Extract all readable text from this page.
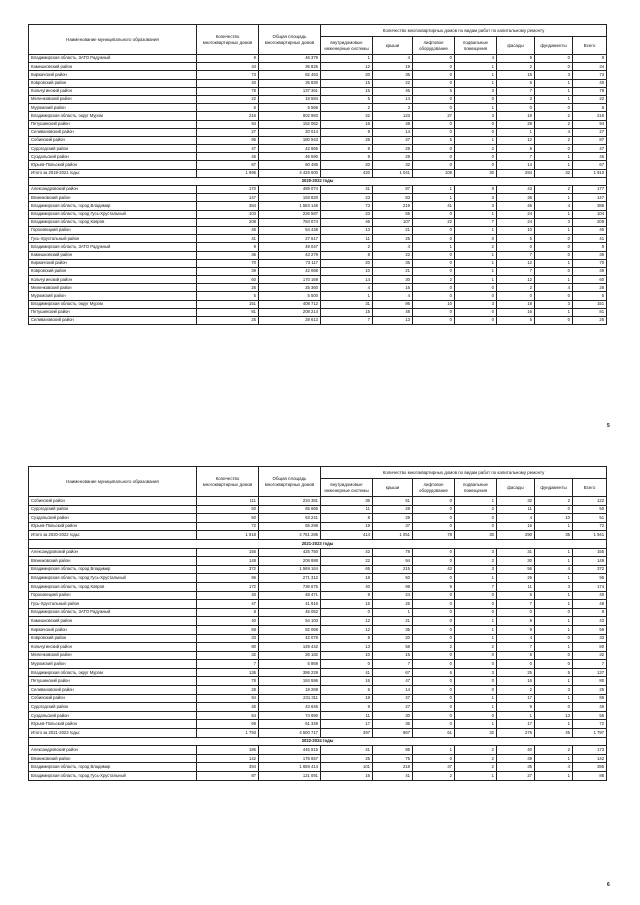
Наименование муниципального образования	Количество многоквартирных домов	Общая площадь многоквартирных домов	Количество многоквартирных домов по видам работ по капитальному ремонту						
			внутридомовые инженерные системы	крыши	лифтовое оборудование	подвальные помещения	фасады	фундаменты	Всего
Владимирская область, ЗАТО Радужный	9	46 379	1	4	0	4	9	0	9
Камешковский район	34	36 825	12	19	0	1	2	0	34
Киржачский район	73	82 463	20	36	0	1	15	3	73
Ковровский район	40	35 830	15	22	0	1	6	1	40
Кольчугинский район	78	137 361	16	46	5	3	7	1	78
Меленковский район	22	18 584	5	14	0	0	3	1	22
Муромский район	6	5 566	2	3	0	1	0	0	6
Владимирская область, округ Муром	216	602 983	42	123	27	3	19	2	216
Петушинский район	94	152 062	16	48	0	0	28	2	94
Селивановский район	27	20 014	9	14	0	0	1	4	27
Собинский район	95	180 943	25	47	5	1	12	2	87
Судогодский район	47	42 865	8	29	0	2	8	0	47
Суздальский район	45	46 590	9	29	0	0	7	1	45
Юрьев-Польский район	67	60 485	20	32	0	0	14	1	67
Итого за 2019-2021 годы:	1 995	4 426 600	420	1 041	109	30	284	32	1 910
2020-2022 годы									
Александровский район	170	489 074	41	87	1	9	43	2	177
Вязниковский район	147	193 820	23	83	1	3	36	1	147
Владимирская область, город Владимир	384	1 583 148	73	219	41	3	46	4	386
Владимирская область, город Гусь-Хрустальный	103	226 587	23	55	0	1	24	1	104
Владимирская область, город Ковров	208	784 074	46	107	22	7	24	3	208
Гороховецкий район	46	54 448	13	21	0	1	10	1	46
Гусь-Хрустальный район	41	27 617	11	25	0	0	5	0	41
Владимирская область, ЗАТО Радужный	9	49 047	2	4	1	2	0	0	9
Камешковский район	36	43 279	8	22	0	1	7	0	36
Киржачский район	70	73 117	20	36	0	1	12	1	70
Ковровский район	39	42 068	10	21	0	1	7	0	39
Кольчугинский район	60	170 169	14	30	2	1	12	1	60
Меленковский район	26	25 360	4	16	0	0	2	4	26
Муромский район	5	5 500	1	4	0	0	0	0	5
Владимирская область, округ Муром	151	408 712	31	86	10	3	18	3	151
Петушинский район	81	208 214	15	48	0	0	16	1	81
Селивановский район	25	28 613	7	13	0	0	5	0	25
5
Наименование муниципального образования	Количество многоквартирных домов	Общая площадь многоквартирных домов	Количество многоквартирных домов по видам работ по капитальному ремонту						
			внутридомовые инженерные системы	крыши	лифтовое оборудование	подвальные помещения	фасады	фундаменты	Всего
Собинский район	111	234 381	36	51	0	1	32	2	122
Судогодский район	50	65 665	11	28	0	2	11	0	50
Суздальский район	50	63 241	8	29	0	0	4	10	51
Юрьев-Польский район	72	65 298	19	37	0	0	16	1	72
Итого за 2020-2022 годы:	1 918	4 751 285	414	1 051	78	30	290	35	1 941
2021-2023 годы									
Александровский район	155	425 750	42	78	0	3	31	1	155
Вязниковский район	148	208 888	22	94	0	2	30	1	149
Владимирская область, город Владимир	372	1 569 164	65	215	43	3	56	4	372
Владимирская область, город Гусь-Хрустальный	96	271 312	18	50	0	1	26	1	96
Владимирская область, город Ковров	172	736 675	40	98	9	7	11	3	174
Гороховецкий район	40	48 471	9	24	0	0	6	1	40
Гусь-Хрустальный район	47	41 916	15	25	0	0	7	1	48
Владимирская область, ЗАТО Радужный	8	45 052	0	1	0	0	0	0	8
Камешковский район	40	54 103	12	21	0	1	8	1	43
Киржачский район	59	82 068	12	35	0	1	9	1	59
Ковровский район	33	42 078	8	20	0	1	4	0	33
Кольчугинский район	80	149 442	13	58	2	2	7	1	80
Меленковский район	32	26 182	10	16	0	0	6	0	32
Муромский район	7	5 869	0	7	0	0	0	0	7
Владимирская область, округ Муром	136	386 229	41	67	6	3	25	5	137
Петушинский район	78	184 596	16	47	0	0	16	1	80
Селивановский район	28	18 269	6	14	0	0	2	3	25
Собинский район	94	231 311	19	47	0	1	17	1	85
Судогодский район	46	43 645	9	27	0	1	9	0	46
Суздальский район	54	74 690	11	30	0	0	1	13	55
Юрьев-Польский район	69	61 349	17	36	0	1	17	1	72
Итого за 2021-2023 годы:	1 793	4 500 717	397	967	61	32	275	45	1 797
2022-2024 годы									
Александровский район	186	445 915	41	85	1	2	40	2	173
Вязниковский район	142	176 657	25	75	0	2	39	1	142
Владимирская область, город Владимир	394	1 659 414	101	218	37	2	35	4	395
Владимирская область, город Гусь-Хрустальный	87	121 091	16	41	2	1	27	1	88
6
